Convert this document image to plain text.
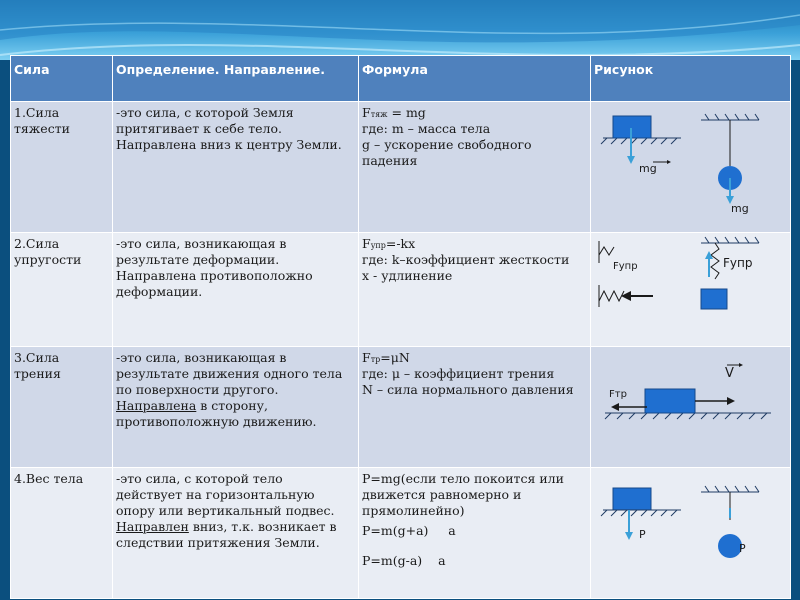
Сила	Определение. Направление.	Формула	Рисунок
1.Сила тяжести	-это сила, с которой Земля
притягивает к себе тело.
Направлена вниз к центру Земли.	Fтяж = mg
где: m – масса тела
g – ускорение свободного
падения	mg
mg

2.Сила упругости	-это сила, возникающая в
результате деформации.
Направлена противоположно
деформации.	Fупр=-kx
где: k–коэффициент жесткости
x - удлинение	Fупр Fупр

3.Сила трения	-это сила, возникающая в
результате движения одного тела
по поверхности другого.
Направлена в сторону,
противоположную движению.	Fтр=μN
где: μ – коэффициент трения
N – сила нормального давления	V
Fтр

4.Вес тела	-это сила, с которой тело
действует на горизонтальную
опору или вертикальный подвес.
Направлен вниз, т.к. возникает в
следствии притяжения Земли.	P=mg(если тело покоится или
движется равномерно и
прямолинейно)
P=m(g+a) a
P=m(g-a) a	P
P
